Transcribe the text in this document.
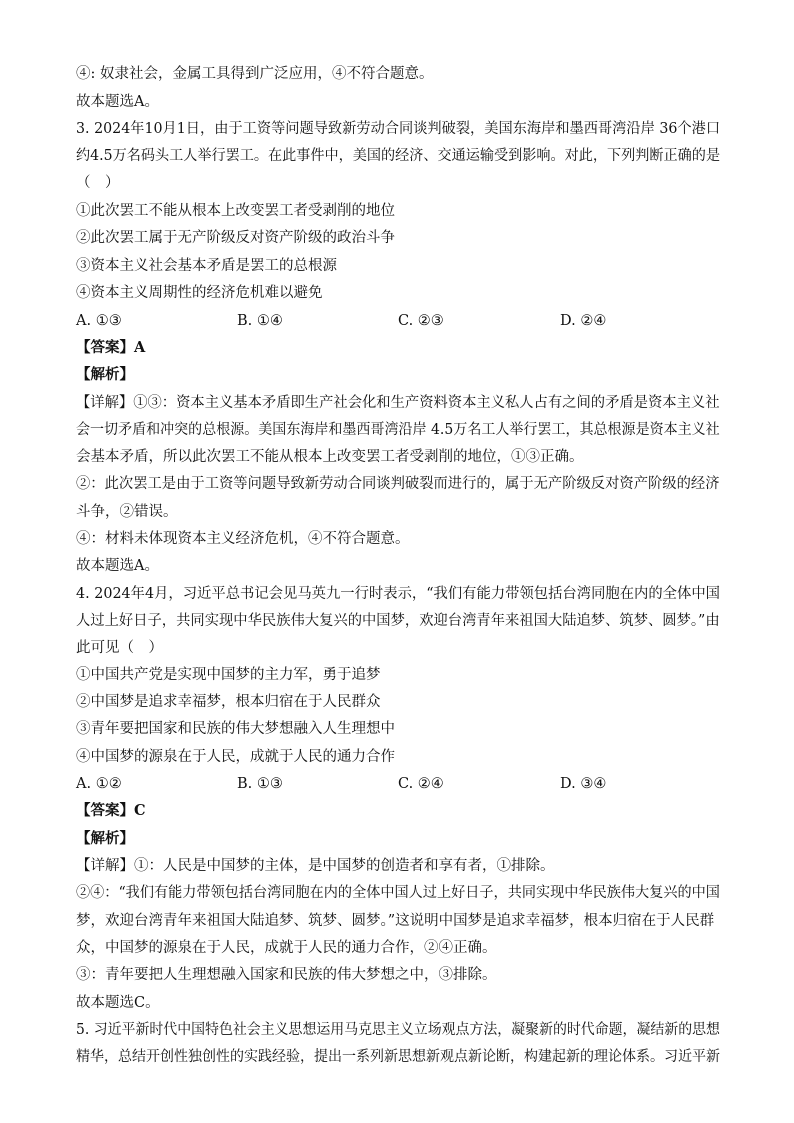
④: 奴隶社会，金属工具得到广泛应用，④不符合题意。
故本题选A。
3. 2024年10月1日，由于工资等问题导致新劳动合同谈判破裂，美国东海岸和墨西哥湾沿岸 36个港口
约4.5万名码头工人举行罢工。在此事件中，美国的经济、交通运输受到影响。对此，下列判断正确的是
（　）
①此次罢工不能从根本上改变罢工者受剥削的地位
②此次罢工属于无产阶级反对资产阶级的政治斗争
③资本主义社会基本矛盾是罢工的总根源
④资本主义周期性的经济危机难以避免
A. ①③	B. ①④	C. ②③	D. ②④
【答案】A
【解析】
【详解】①③：资本主义基本矛盾即生产社会化和生产资料资本主义私人占有之间的矛盾是资本主义社
会一切矛盾和冲突的总根源。美国东海岸和墨西哥湾沿岸 4.5万名工人举行罢工，其总根源是资本主义社
会基本矛盾，所以此次罢工不能从根本上改变罢工者受剥削的地位，①③正确。
②：此次罢工是由于工资等问题导致新劳动合同谈判破裂而进行的，属于无产阶级反对资产阶级的经济
斗争，②错误。
④：材料未体现资本主义经济危机，④不符合题意。
故本题选A。
4. 2024年4月，习近平总书记会见马英九一行时表示，“我们有能力带领包括台湾同胞在内的全体中国
人过上好日子，共同实现中华民族伟大复兴的中国梦，欢迎台湾青年来祖国大陆追梦、筑梦、圆梦。”由
此可见（　）
①中国共产党是实现中国梦的主力军，勇于追梦
②中国梦是追求幸福梦，根本归宿在于人民群众
③青年要把国家和民族的伟大梦想融入人生理想中
④中国梦的源泉在于人民，成就于人民的通力合作
A. ①②	B. ①③	C. ②④	D. ③④
【答案】C
【解析】
【详解】①：人民是中国梦的主体，是中国梦的创造者和享有者，①排除。
②④：“我们有能力带领包括台湾同胞在内的全体中国人过上好日子，共同实现中华民族伟大复兴的中国
梦，欢迎台湾青年来祖国大陆追梦、筑梦、圆梦。”这说明中国梦是追求幸福梦，根本归宿在于人民群
众，中国梦的源泉在于人民，成就于人民的通力合作，②④正确。
③：青年要把人生理想融入国家和民族的伟大梦想之中，③排除。
故本题选C。
5. 习近平新时代中国特色社会主义思想运用马克思主义立场观点方法，凝聚新的时代命题，凝结新的思想
精华，总结开创性独创性的实践经验，提出一系列新思想新观点新论断，构建起新的理论体系。习近平新
